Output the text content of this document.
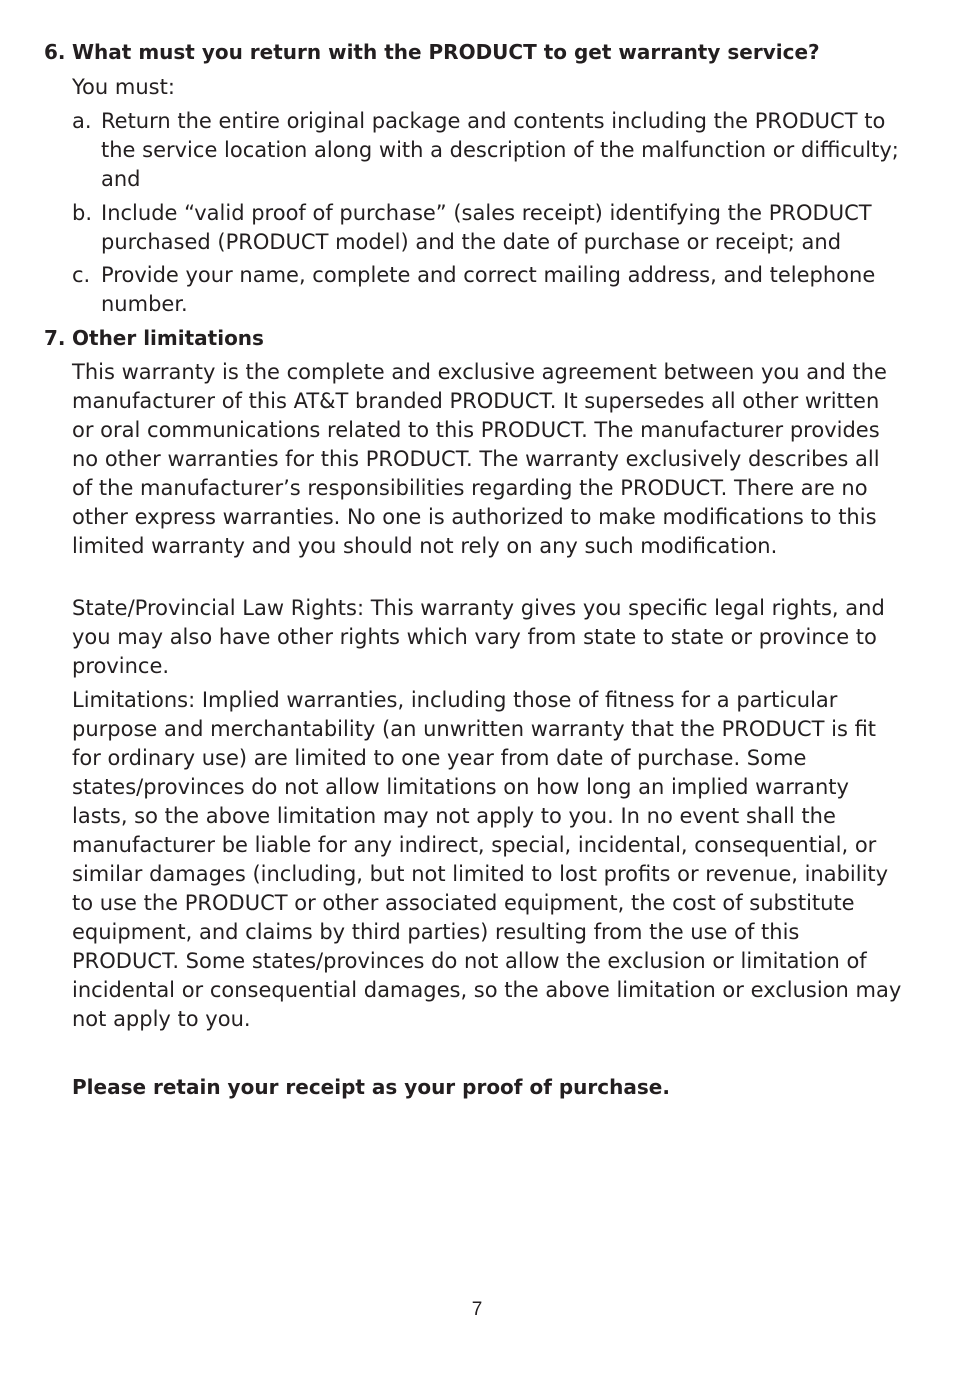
6. What must you return with the PRODUCT to get warranty service?
You must:
a. Return the entire original package and contents including the PRODUCT to the service location along with a description of the malfunction or difficulty; and
b. Include “valid proof of purchase” (sales receipt) identifying the PRODUCT purchased (PRODUCT model) and the date of purchase or receipt; and
c. Provide your name, complete and correct mailing address, and telephone number.
7. Other limitations
This warranty is the complete and exclusive agreement between you and the manufacturer of this AT&T branded PRODUCT. It supersedes all other written or oral communications related to this PRODUCT. The manufacturer provides no other warranties for this PRODUCT. The warranty exclusively describes all of the manufacturer’s responsibilities regarding the PRODUCT. There are no other express warranties. No one is authorized to make modifications to this limited warranty and you should not rely on any such modification.
State/Provincial Law Rights: This warranty gives you specific legal rights, and you may also have other rights which vary from state to state or province to province.
Limitations: Implied warranties, including those of fitness for a particular purpose and merchantability (an unwritten warranty that the PRODUCT is fit for ordinary use) are limited to one year from date of purchase. Some states/provinces do not allow limitations on how long an implied warranty lasts, so the above limitation may not apply to you. In no event shall the manufacturer be liable for any indirect, special, incidental, consequential, or similar damages (including, but not limited to lost profits or revenue, inability to use the PRODUCT or other associated equipment, the cost of substitute equipment, and claims by third parties) resulting from the use of this PRODUCT. Some states/provinces do not allow the exclusion or limitation of incidental or consequential damages, so the above limitation or exclusion may not apply to you.
Please retain your receipt as your proof of purchase.
7
